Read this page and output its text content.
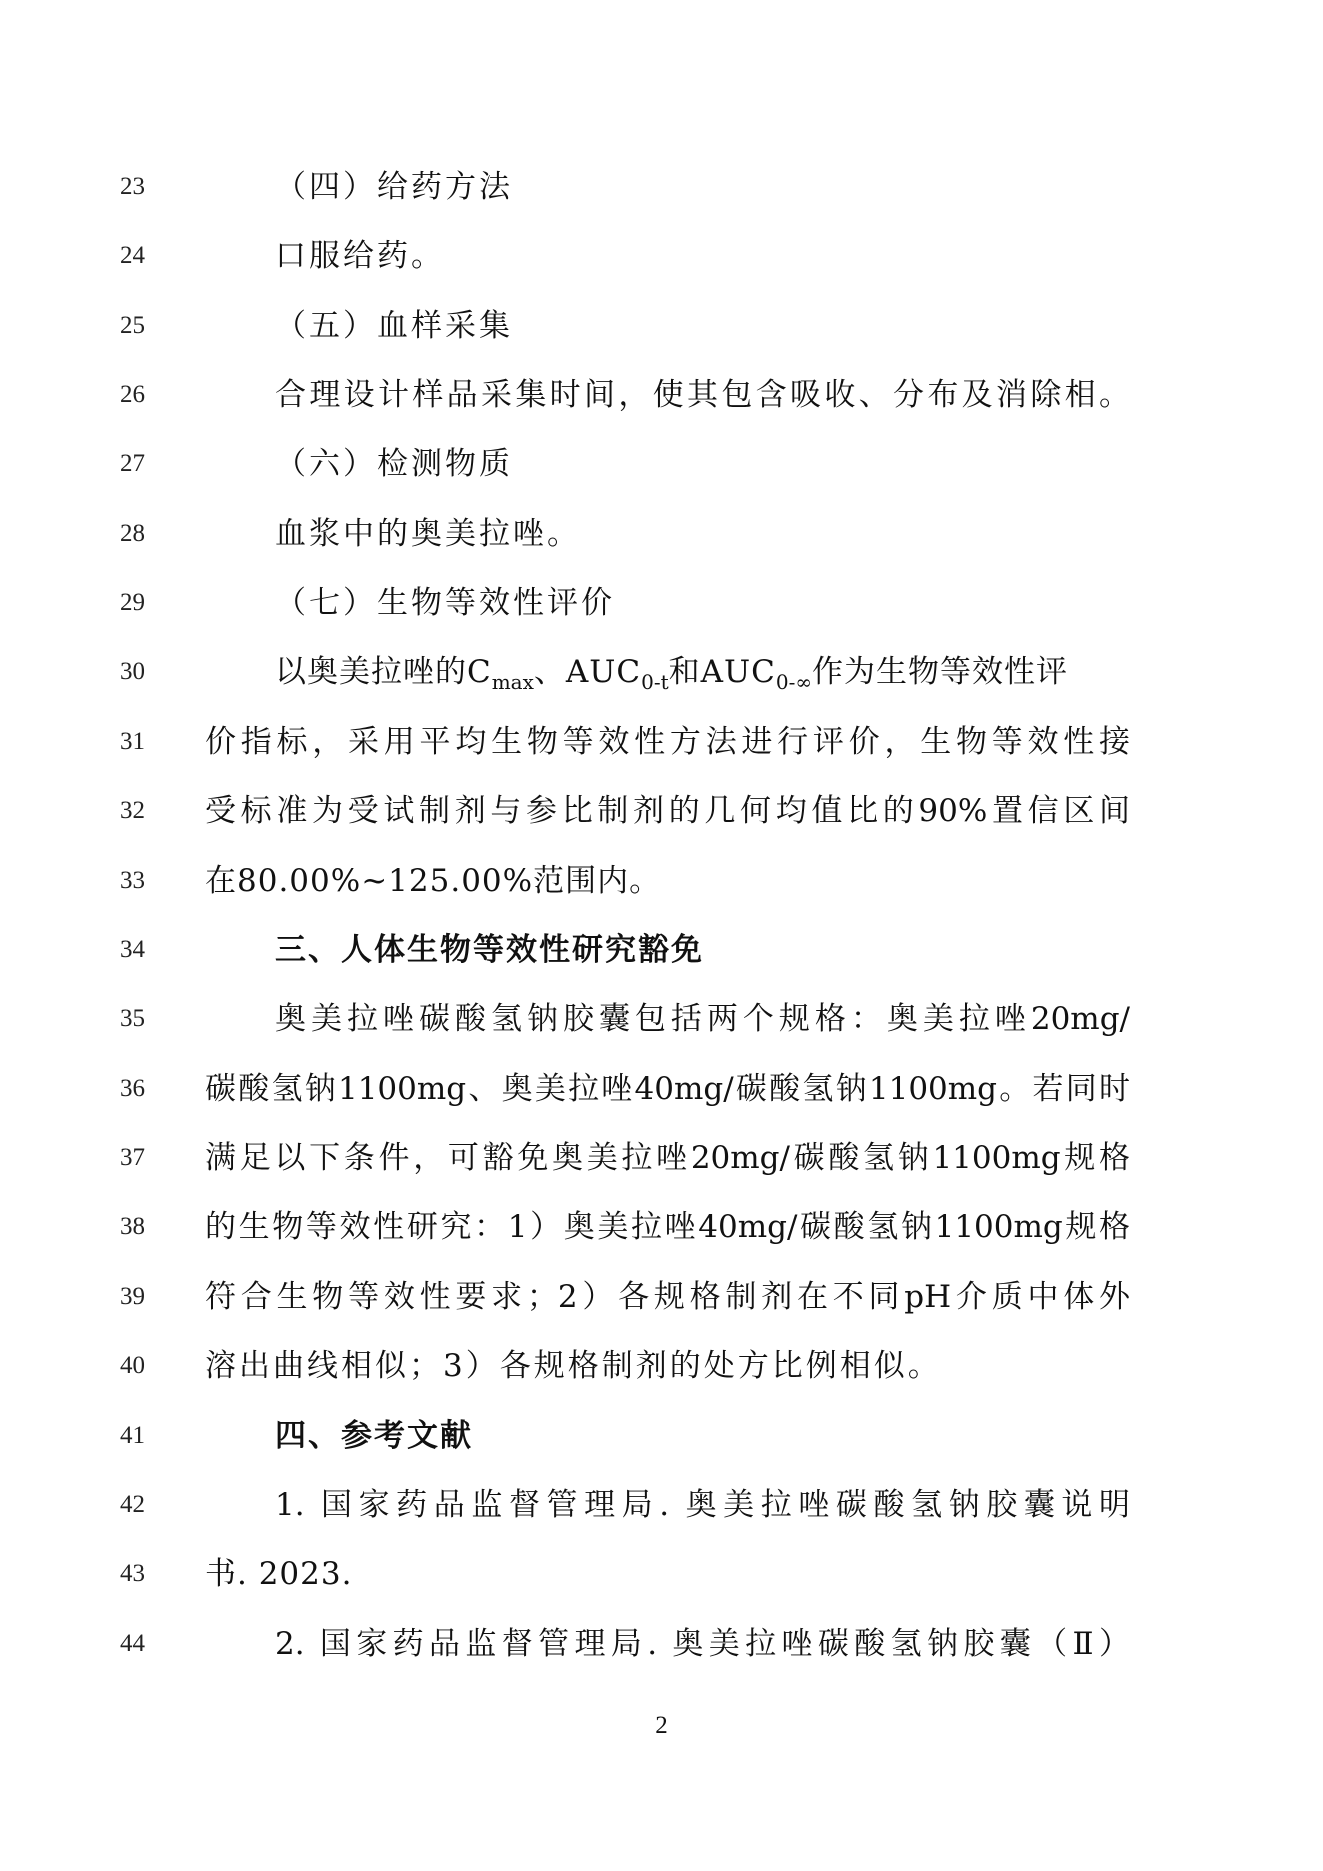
23	（四）给药方法
24	口服给药。
25	（五）血样采集
26	合理设计样品采集时间，使其包含吸收、分布及消除相。
27	（六）检测物质
28	血浆中的奥美拉唑。
29	（七）生物等效性评价
30	以奥美拉唑的$C_{max}$、$AUC_{0-t}$和$AUC_{0-\infty}$作为生物等效性评
31	价指标，采用平均生物等效性方法进行评价，生物等效性接
32	受标准为受试制剂与参比制剂的几何均值比的90%置信区间
33	在80.00%~125.00%范围内。
34	三、人体生物等效性研究豁免
35	奥美拉唑碳酸氢钠胶囊包括两个规格：奥美拉唑20mg/
36	碳酸氢钠1100mg、奥美拉唑40mg/碳酸氢钠1100mg。若同时
37	满足以下条件，可豁免奥美拉唑20mg/碳酸氢钠1100mg规格
38	的生物等效性研究：1）奥美拉唑40mg/碳酸氢钠1100mg规格
39	符合生物等效性要求；2）各规格制剂在不同pH介质中体外
40	溶出曲线相似；3）各规格制剂的处方比例相似。
41	四、参考文献
42	1. 国家药品监督管理局. 奥美拉唑碳酸氢钠胶囊说明
43	书. 2023.
44	2. 国家药品监督管理局. 奥美拉唑碳酸氢钠胶囊（Ⅱ）
2
